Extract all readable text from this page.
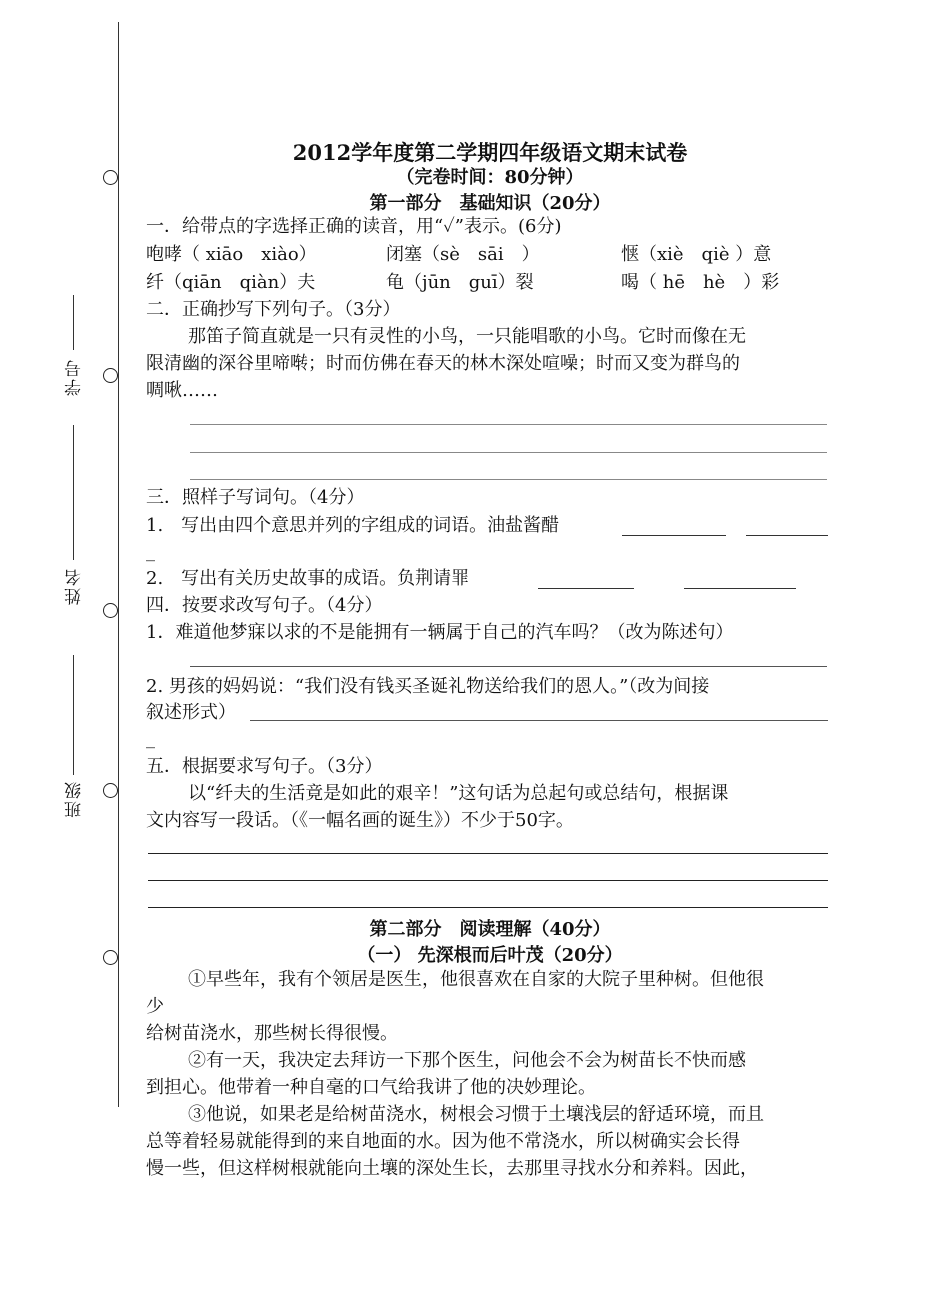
学号
姓名
班级
2012学年度第二学期四年级语文期末试卷
（完卷时间：80分钟）
第一部分　基础知识（20分）
一．给带点的字选择正确的读音，用“✓”表示。(6分)
咆哮（ xiāo　xiào）	闭塞（sè　sāi　）	惬（xiè　qiè ）意
纤（qiān　qiàn）夫	龟（jūn　guī）裂	喝（ hē　hè　）彩
二．正确抄写下列句子。（3分）
那笛子简直就是一只有灵性的小鸟，一只能唱歌的小鸟。它时而像在无
限清幽的深谷里啼啭；时而仿佛在春天的林木深处喧噪；时而又变为群鸟的
啁啾……
三．照样子写词句。（4分）
1.　写出由四个意思并列的字组成的词语。油盐酱醋
_
2.　写出有关历史故事的成语。负荆请罪
四．按要求改写句子。（4分）
1．难道他梦寐以求的不是能拥有一辆属于自己的汽车吗？（改为陈述句）
2. 男孩的妈妈说：“我们没有钱买圣诞礼物送给我们的恩人。”（改为间接
叙述形式）
_
五．根据要求写句子。（3分）
以“纤夫的生活竟是如此的艰辛！”这句话为总起句或总结句，根据课
文内容写一段话。（《一幅名画的诞生》）不少于50字。
第二部分　阅读理解（40分）
（一） 先深根而后叶茂（20分）
①早些年，我有个领居是医生，他很喜欢在自家的大院子里种树。但他很
少
给树苗浇水，那些树长得很慢。
②有一天，我决定去拜访一下那个医生，问他会不会为树苗长不快而感
到担心。他带着一种自毫的口气给我讲了他的决妙理论。
③他说，如果老是给树苗浇水，树根会习惯于土壤浅层的舒适环境，而且
总等着轻易就能得到的来自地面的水。因为他不常浇水，所以树确实会长得
慢一些，但这样树根就能向土壤的深处生长，去那里寻找水分和养料。因此，
